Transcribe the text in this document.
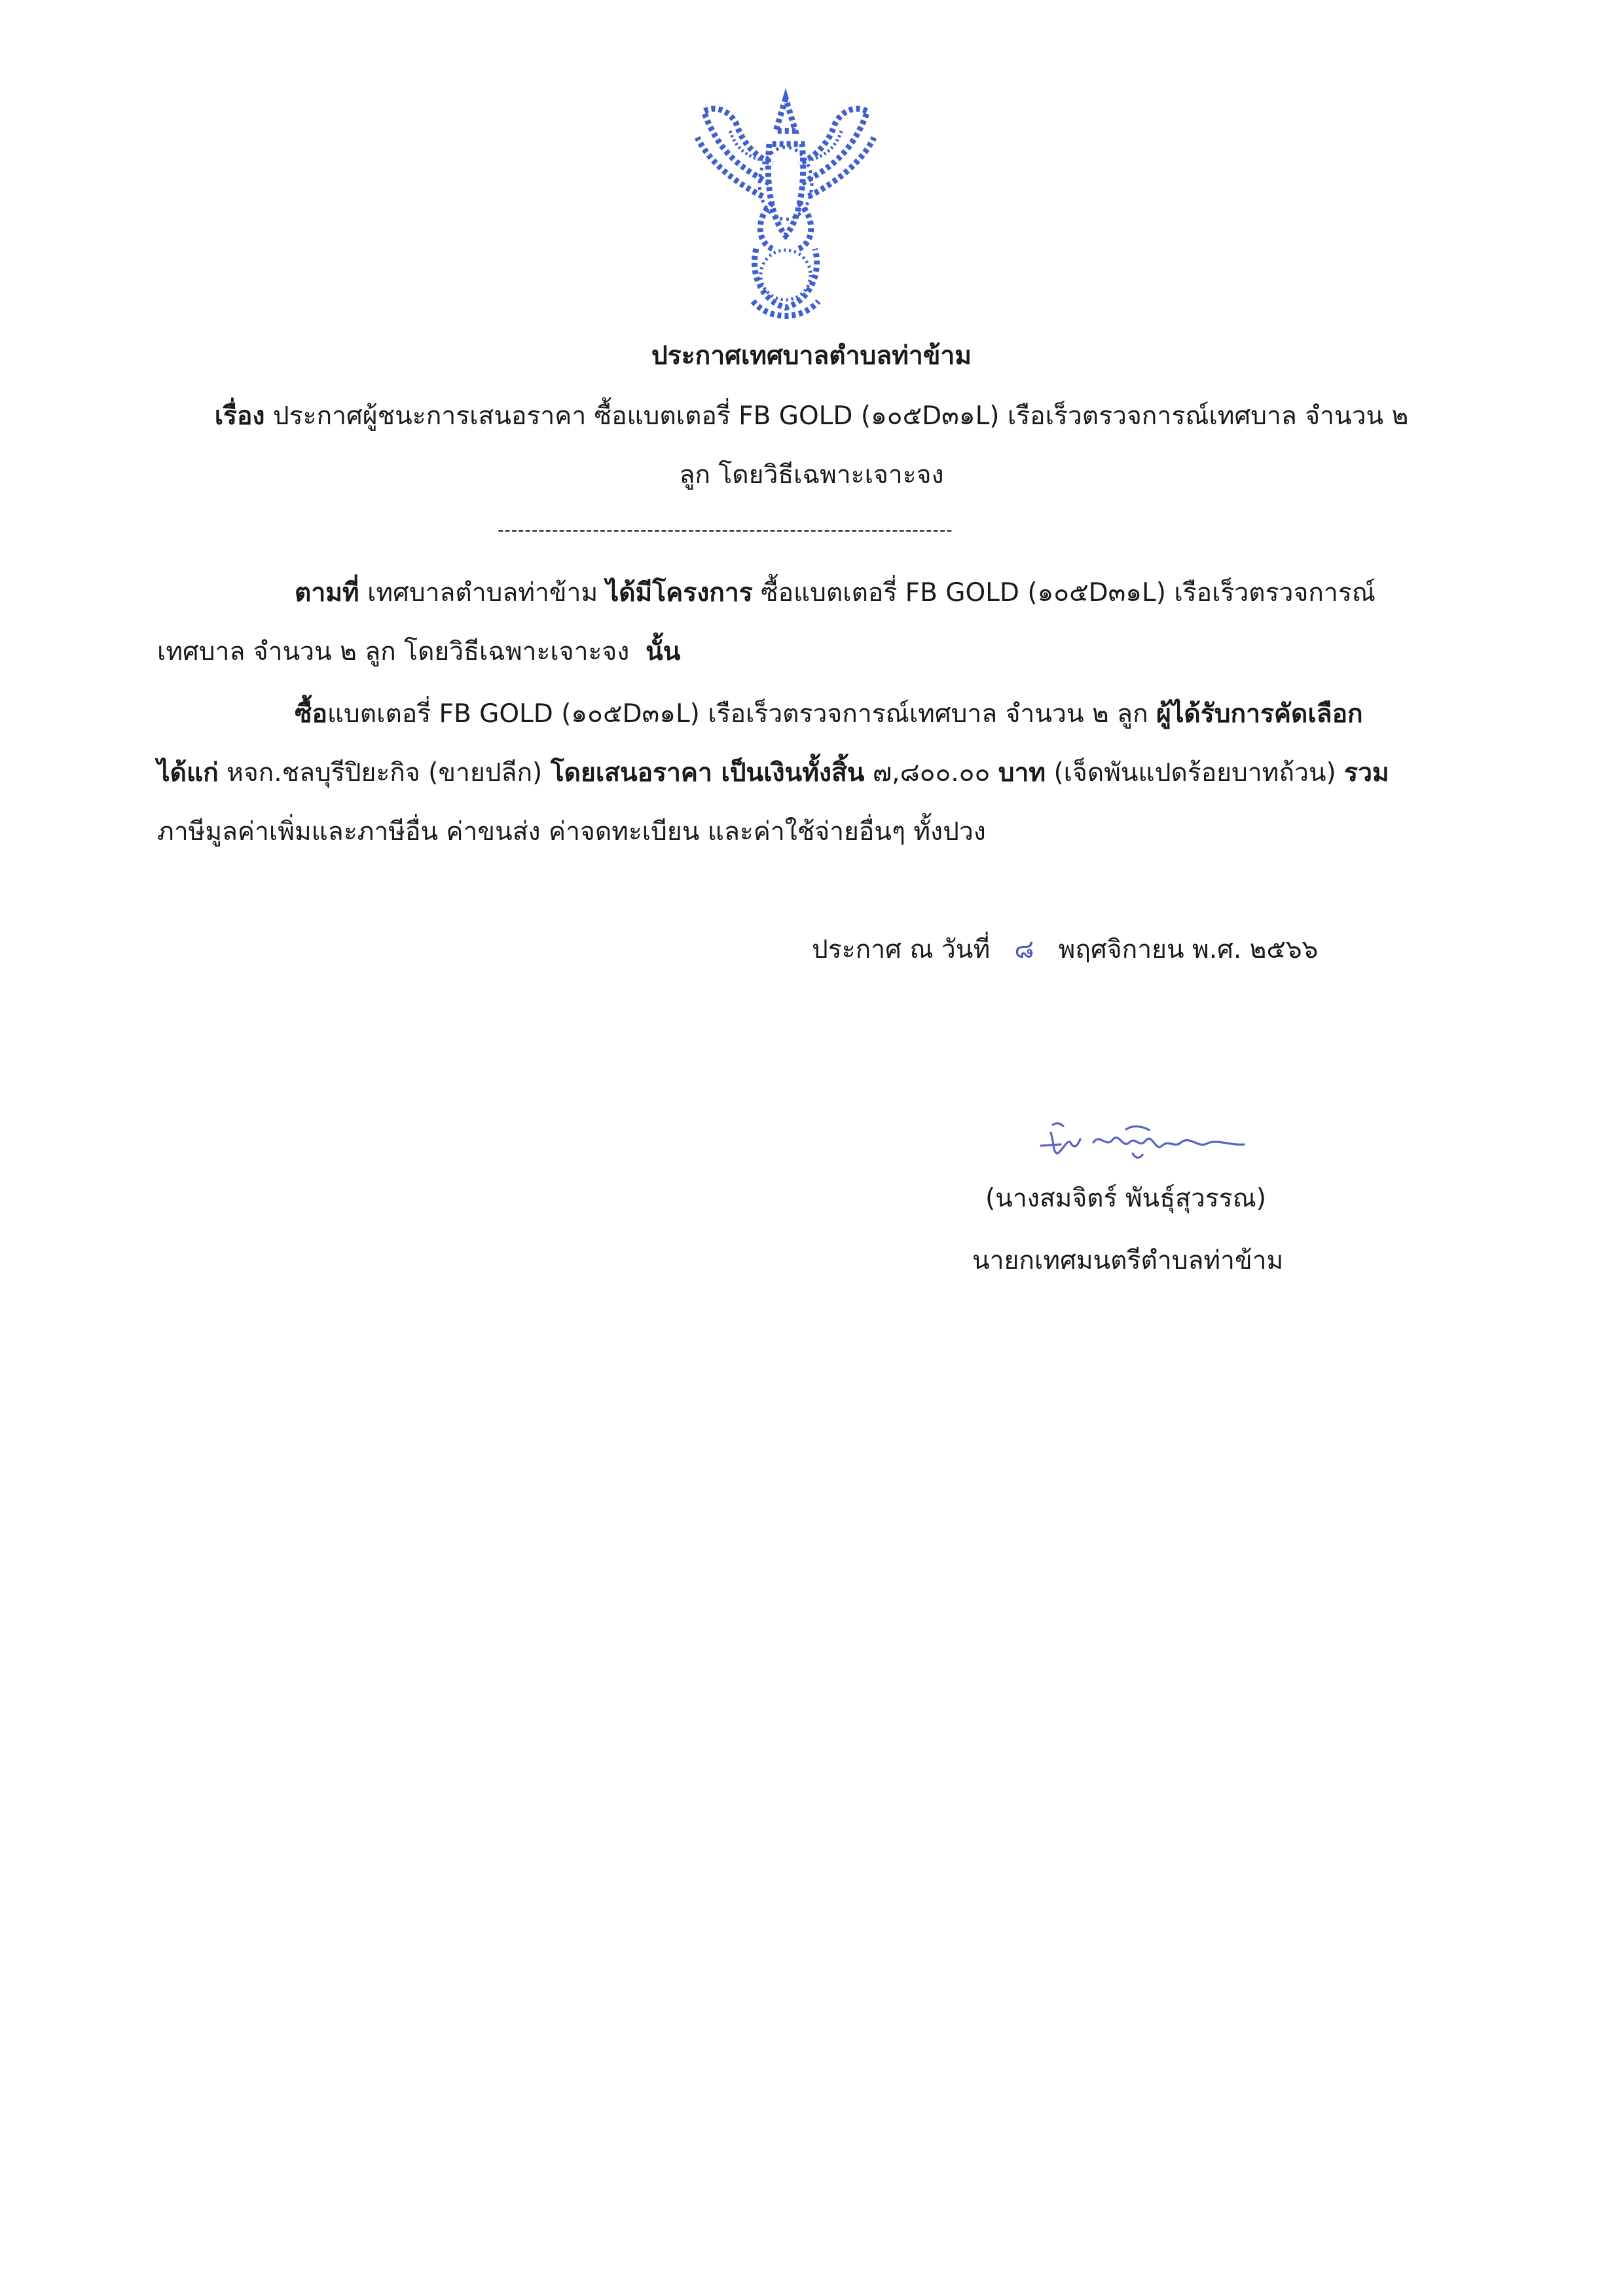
ประกาศเทศบาลตำบลท่าข้าม
เรื่อง ประกาศผู้ชนะการเสนอราคา ซื้อแบตเตอรี่ FB GOLD (๑๐๕D๓๑L) เรือเร็วตรวจการณ์เทศบาล จำนวน ๒
ลูก โดยวิธีเฉพาะเจาะจง
-------------------------------------------------------------------
ตามที่ เทศบาลตำบลท่าข้าม ได้มีโครงการ ซื้อแบตเตอรี่ FB GOLD (๑๐๕D๓๑L) เรือเร็วตรวจการณ์
เทศบาล จำนวน ๒ ลูก โดยวิธีเฉพาะเจาะจง นั้น
ซื้อแบตเตอรี่ FB GOLD (๑๐๕D๓๑L) เรือเร็วตรวจการณ์เทศบาล จำนวน ๒ ลูก ผู้ได้รับการคัดเลือก
ได้แก่ หจก.ชลบุรีปิยะกิจ (ขายปลีก) โดยเสนอราคา เป็นเงินทั้งสิ้น ๗,๘๐๐.๐๐ บาท (เจ็ดพันแปดร้อยบาทถ้วน) รวม
ภาษีมูลค่าเพิ่มและภาษีอื่น ค่าขนส่ง ค่าจดทะเบียน และค่าใช้จ่ายอื่นๆ ทั้งปวง
ประกาศ ณ วันที่ ๘ พฤศจิกายน พ.ศ. ๒๕๖๖
(นางสมจิตร์ พันธุ์สุวรรณ)
นายกเทศมนตรีตำบลท่าข้าม
